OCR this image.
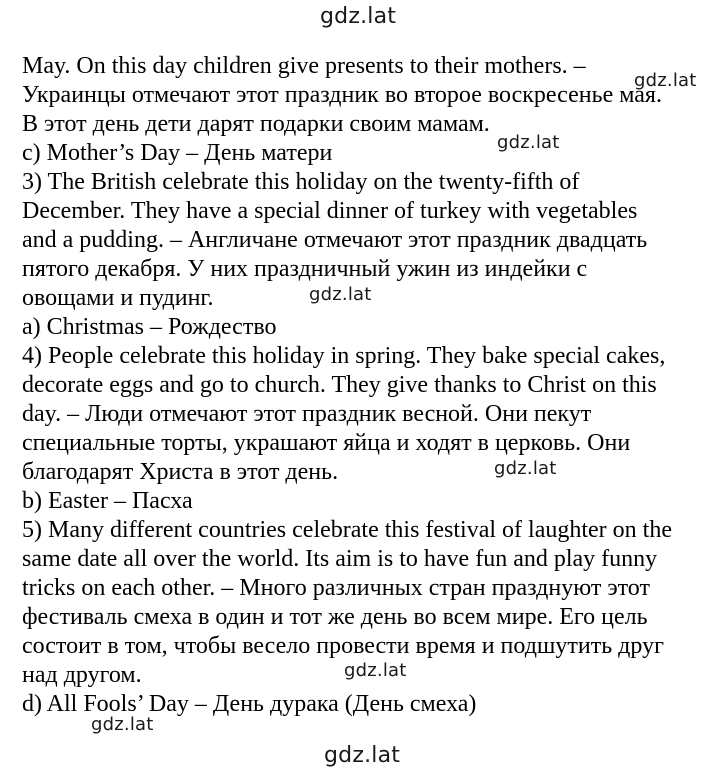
gdz.lat
May. On this day children give presents to their mothers. –
Украинцы отмечают этот праздник во второе воскресенье мая.
В этот день дети дарят подарки своим мамам.
c) Mother’s Day – День матери
3) The British celebrate this holiday on the twenty-fifth of
December. They have a special dinner of turkey with vegetables
and a pudding. – Англичане отмечают этот праздник двадцать
пятого декабря. У них праздничный ужин из индейки с
овощами и пудинг.
a) Christmas – Рождество
4) People celebrate this holiday in spring. They bake special cakes,
decorate eggs and go to church. They give thanks to Christ on this
day. – Люди отмечают этот праздник весной. Они пекут
специальные торты, украшают яйца и ходят в церковь. Они
благодарят Христа в этот день.
b) Easter – Пасха
5) Many different countries celebrate this festival of laughter on the
same date all over the world. Its aim is to have fun and play funny
tricks on each other. – Много различных стран празднуют этот
фестиваль смеха в один и тот же день во всем мире. Его цель
состоит в том, чтобы весело провести время и подшутить друг
над другом.
d) All Fools’ Day – День дурака (День смеха)
gdz.lat
gdz.lat
gdz.lat
gdz.lat
gdz.lat
gdz.lat
gdz.lat
